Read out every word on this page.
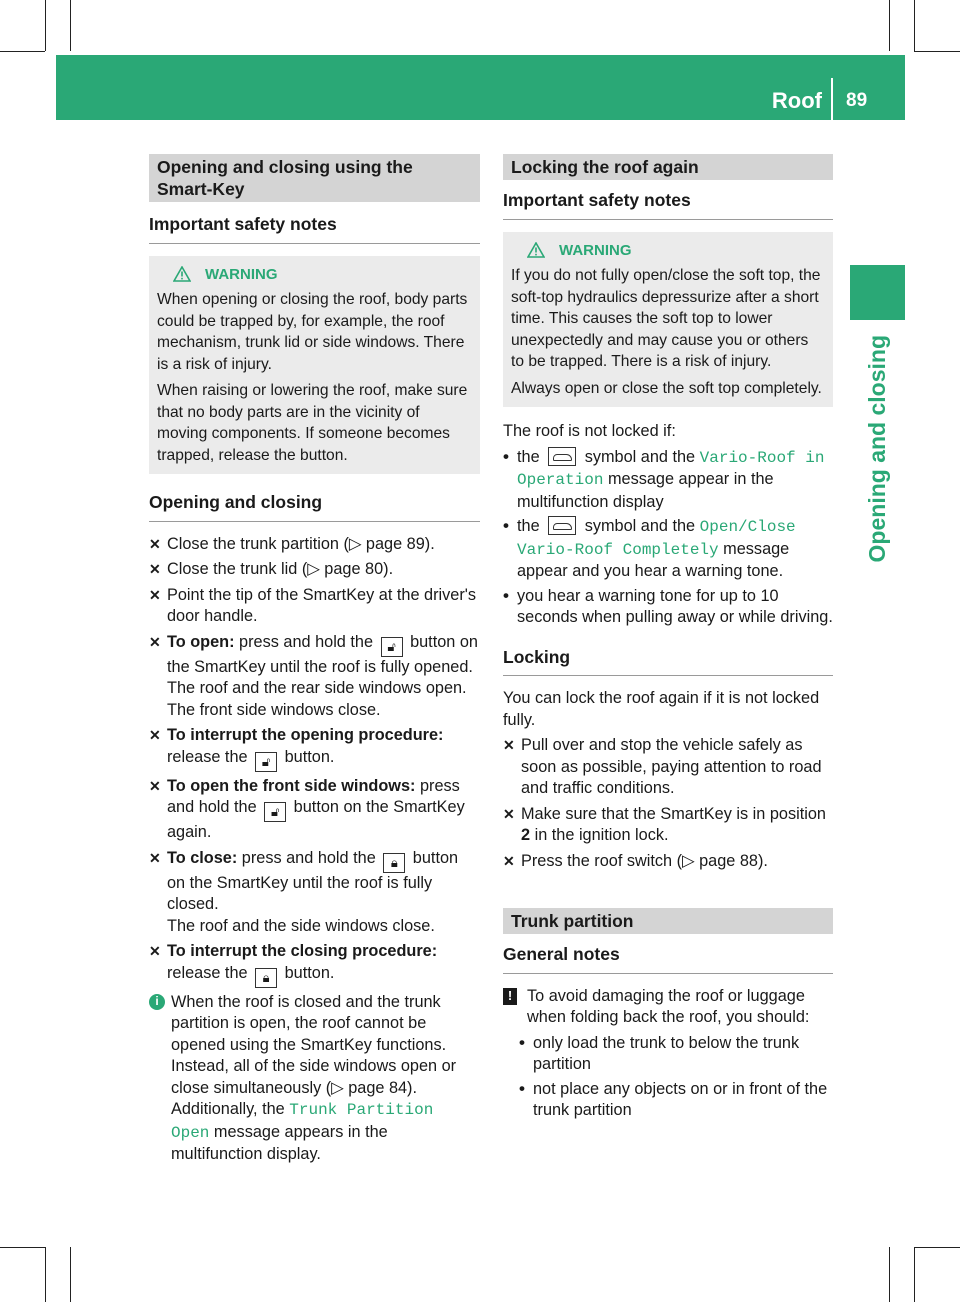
Roof 89
Opening and closing
Opening and closing using the Smart-Key
Important safety notes
WARNING

When opening or closing the roof, body parts could be trapped by, for example, the roof mechanism, trunk lid or side windows. There is a risk of injury.

When raising or lowering the roof, make sure that no body parts are in the vicinity of moving components. If someone becomes trapped, release the button.

Opening and closing
✕ Close the trunk partition (▷ page 89).
✕ Close the trunk lid (▷ page 80).
✕ Point the tip of the SmartKey at the driver's door handle.
✕ To open: press and hold the 🔓︎ button on the SmartKey until the roof is fully opened.
The roof and the rear side windows open. The front side windows close.
✕ To interrupt the opening procedure:
release the 🔓︎ button.
✕ To open the front side windows: press and hold the 🔓︎ button on the SmartKey again.
✕ To close: press and hold the 🔒︎ button on the SmartKey until the roof is fully closed.
The roof and the side windows close.
✕ To interrupt the closing procedure:
release the 🔒︎ button.
i When the roof is closed and the trunk partition is open, the roof cannot be opened using the SmartKey functions. Instead, all of the side windows open or close simultaneously (▷ page 84). Additionally, the Trunk Partition Open message appears in the multifunction display.
Locking the roof again
Important safety notes
WARNING

If you do not fully open/close the soft top, the soft-top hydraulics depressurize after a short time. This causes the soft top to lower unexpectedly and may cause you or others to be trapped. There is a risk of injury.

Always open or close the soft top completely.

The roof is not locked if:

• the  symbol and the Vario-Roof in Operation message appear in the multifunction display
• the  symbol and the Open/Close Vario-Roof Completely message appear and you hear a warning tone.
• you hear a warning tone for up to 10 seconds when pulling away or while driving.
Locking

You can lock the roof again if it is not locked fully.

✕ Pull over and stop the vehicle safely as soon as possible, paying attention to road and traffic conditions.
✕ Make sure that the SmartKey is in position 2 in the ignition lock.
✕ Press the roof switch (▷ page 88).
Trunk partition
General notes
! To avoid damaging the roof or luggage when folding back the roof, you should:
• only load the trunk to below the trunk partition
• not place any objects on or in front of the trunk partition
